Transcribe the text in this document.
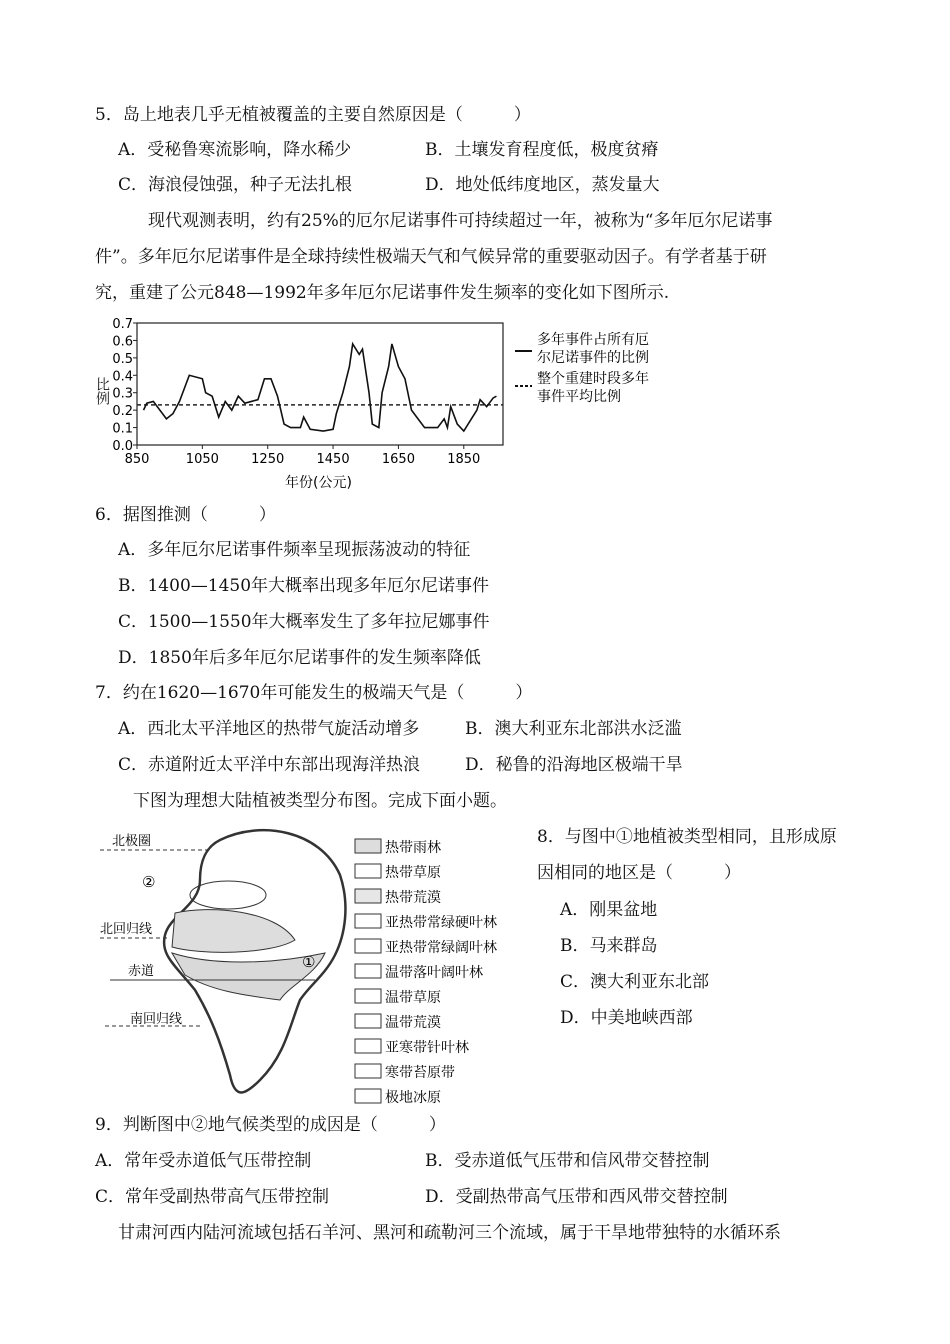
5．岛上地表几乎无植被覆盖的主要自然原因是（　　　）
A．受秘鲁寒流影响，降水稀少	B．土壤发育程度低，极度贫瘠
C．海浪侵蚀强，种子无法扎根	D．地处低纬度地区，蒸发量大
现代观测表明，约有25%的厄尔尼诺事件可持续超过一年，被称为“多年厄尔尼诺事
件”。多年厄尔尼诺事件是全球持续性极端天气和气候异常的重要驱动因子。有学者基于研
究，重建了公元848—1992年多年厄尔尼诺事件发生频率的变化如下图所示.
0.0
0.1
0.2
0.3
0.4
0.5
0.6
0.7
850	1050 1250 1450 1650 1850
年份(公元)
多年事件占所有厄
尔尼诺事件的比例
整个重建时段多年
事件平均比例
比例
6．据图推测（　　　）
A．多年厄尔尼诺事件频率呈现振荡波动的特征
B．1400—1450年大概率出现多年厄尔尼诺事件
C．1500—1550年大概率发生了多年拉尼娜事件
D．1850年后多年厄尔尼诺事件的发生频率降低
7．约在1620—1670年可能发生的极端天气是（　　　）
A．西北太平洋地区的热带气旋活动增多	B．澳大利亚东北部洪水泛滥
C．赤道附近太平洋中东部出现海洋热浪	D．秘鲁的沿海地区极端干旱
下图为理想大陆植被类型分布图。完成下面小题。
北极圈
北回归线
赤道
南回归线
②
①
热带雨林
热带草原
热带荒漠
亚热带常绿硬叶林
亚热带常绿阔叶林
温带落叶阔叶林
温带草原
温带荒漠
亚寒带针叶林
寒带苔原带
极地冰原
8．与图中①地植被类型相同，且形成原
因相同的地区是（　　　）
A．刚果盆地
B．马来群岛
C．澳大利亚东北部
D．中美地峡西部
9．判断图中②地气候类型的成因是（　　　）
A．常年受赤道低气压带控制	B．受赤道低气压带和信风带交替控制
C．常年受副热带高气压带控制	D．受副热带高气压带和西风带交替控制
甘肃河西内陆河流域包括石羊河、黑河和疏勒河三个流域，属于干旱地带独特的水循环系
